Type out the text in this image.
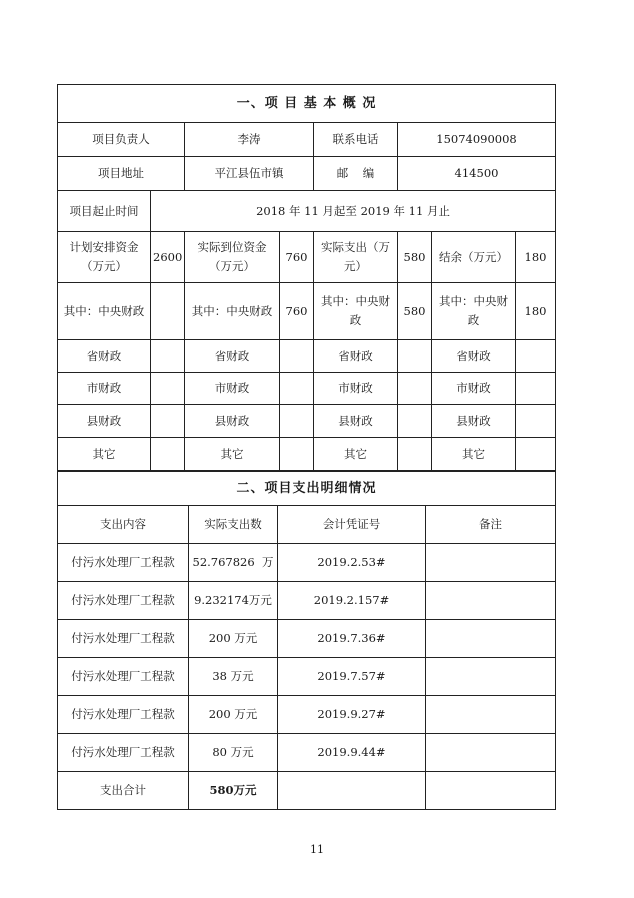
一、项 目 基 本 概 况							
项目负责人		李涛		联系电话	15074090008		
项目地址		平江县伍市镇		邮    编	414500		
项目起止时间	2018 年 11 月起至 2019 年 11 月止						
计划安排资金（万元）	2600	实际到位资金（万元）	760	实际支出（万元）	580	结余（万元）	180
其中：中央财政		其中：中央财政	760	其中：中央财政	580	其中：中央财政	180
省财政		省财政		省财政		省财政	
市财政		市财政		市财政		市财政	
县财政		县财政		县财政		县财政	
其它		其它		其它		其它	
二、项目支出明细情况			
支出内容	实际支出数	会计凭证号	备注
付污水处理厂工程款	52.767826  万	2019.2.53#	
付污水处理厂工程款	9.232174万元	2019.2.157#	
付污水处理厂工程款	200 万元	2019.7.36#	
付污水处理厂工程款	38 万元	2019.7.57#	
付污水处理厂工程款	200 万元	2019.9.27#	
付污水处理厂工程款	80 万元	2019.9.44#	
支出合计	580万元		
11
